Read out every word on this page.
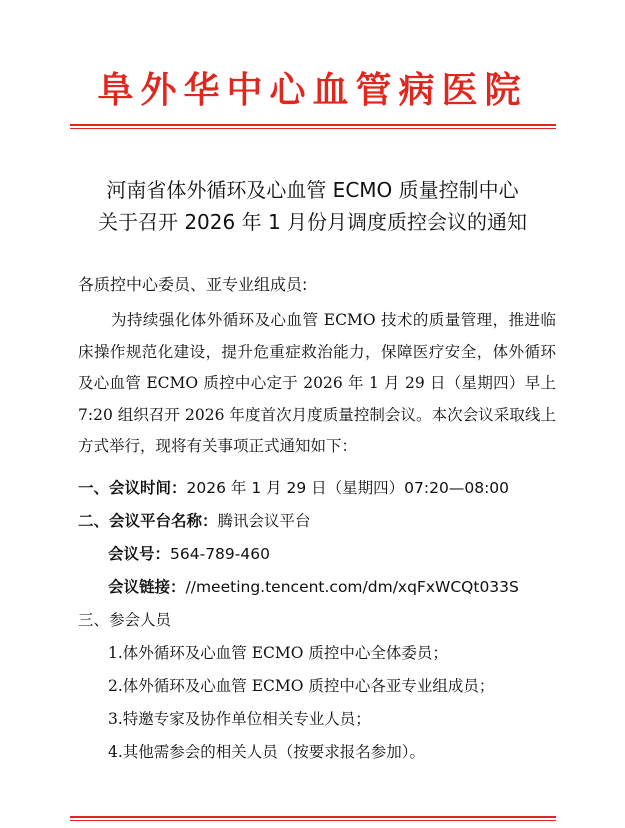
阜外华中心血管病医院
河南省体外循环及心血管 ECMO 质量控制中心
关于召开 2026 年 1 月份月调度质控会议的通知
各质控中心委员、亚专业组成员:
为持续强化体外循环及心血管 ECMO 技术的质量管理，推进临床操作规范化建设，提升危重症救治能力，保障医疗安全，体外循环及心血管 ECMO 质控中心定于 2026 年 1 月 29 日（星期四）早上 7:20 组织召开 2026 年度首次月度质量控制会议。本次会议采取线上方式举行，现将有关事项正式通知如下：
一、会议时间：2026 年 1 月 29 日（星期四）07:20—08:00
二、会议平台名称：腾讯会议平台
会议号：564-789-460
会议链接：//meeting.tencent.com/dm/xqFxWCQt033S
三、参会人员
1.体外循环及心血管 ECMO 质控中心全体委员；
2.体外循环及心血管 ECMO 质控中心各亚专业组成员；
3.特邀专家及协作单位相关专业人员；
4.其他需参会的相关人员（按要求报名参加）。
